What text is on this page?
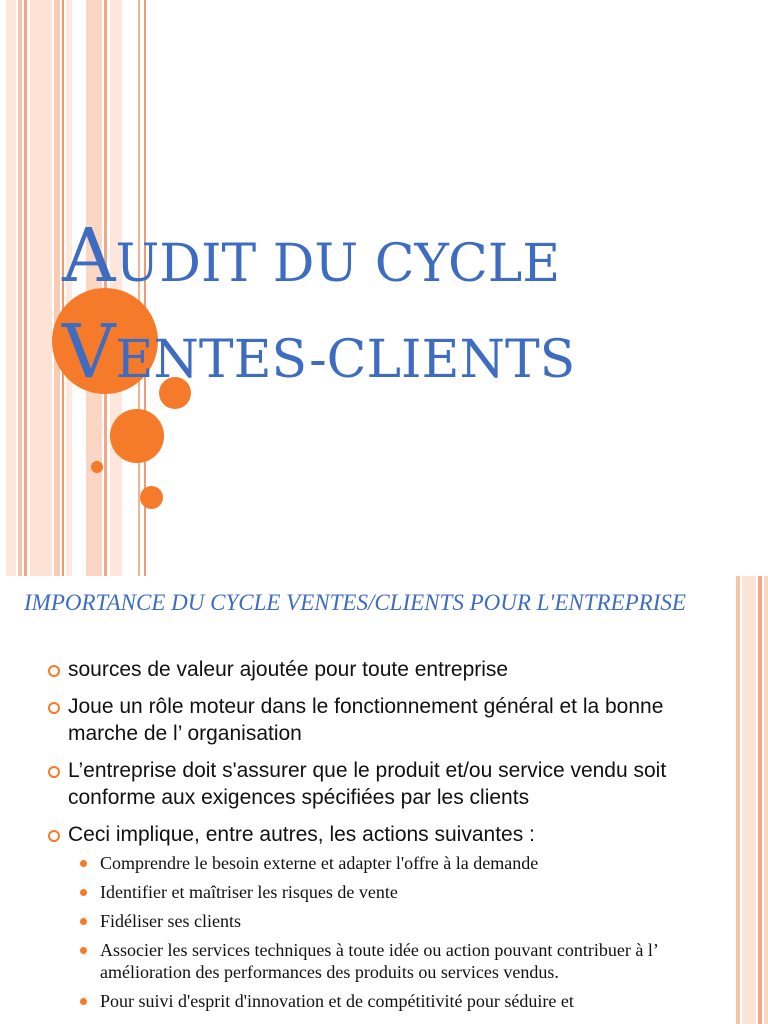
AUDIT DU CYCLE
VENTES-CLIENTS
IMPORTANCE DU CYCLE VENTES/CLIENTS POUR L'ENTREPRISE
sources de valeur ajoutée pour toute entreprise
Joue un rôle moteur dans le fonctionnement général et la bonne marche de l’ organisation
L’entreprise doit s'assurer que le produit et/ou service vendu soit conforme aux exigences spécifiées par les clients
Ceci implique, entre autres, les actions suivantes :
Comprendre le besoin externe et adapter l'offre à la demande
Identifier et maîtriser les risques de vente
Fidéliser ses clients
Associer les services techniques à toute idée ou action pouvant contribuer à l’ amélioration des performances des produits ou services vendus.
Pour suivi d'esprit d'innovation et de compétitivité pour séduire et
